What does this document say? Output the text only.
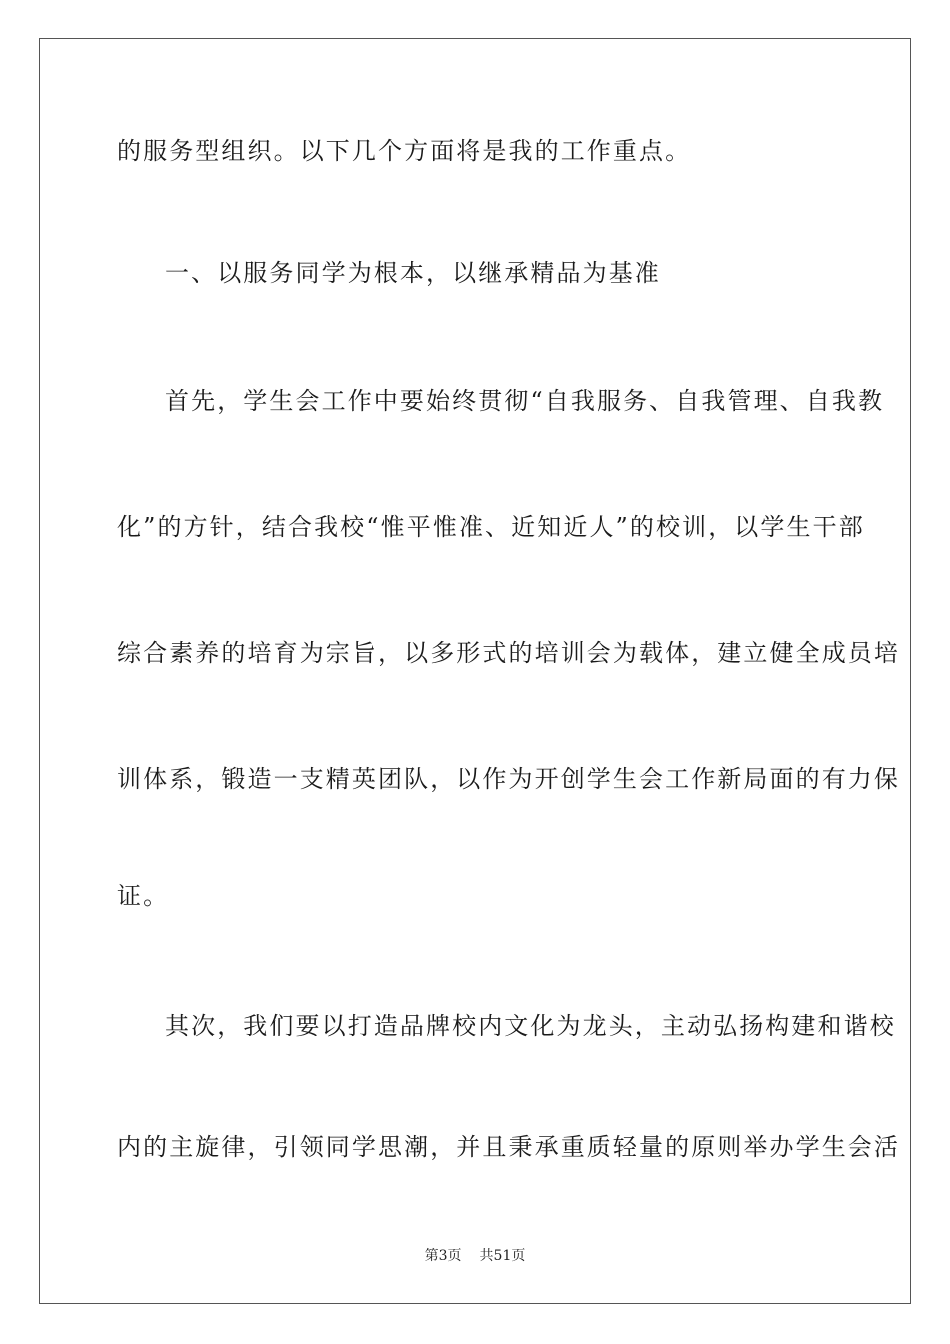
的服务型组织。以下几个方面将是我的工作重点。
一、以服务同学为根本，以继承精品为基准
首先，学生会工作中要始终贯彻“自我服务、自我管理、自我教
化”的方针，结合我校“惟平惟准、近知近人”的校训，以学生干部
综合素养的培育为宗旨，以多形式的培训会为载体，建立健全成员培
训体系，锻造一支精英团队，以作为开创学生会工作新局面的有力保
证。
其次，我们要以打造品牌校内文化为龙头，主动弘扬构建和谐校
内的主旋律，引领同学思潮，并且秉承重质轻量的原则举办学生会活
第3页 共51页
